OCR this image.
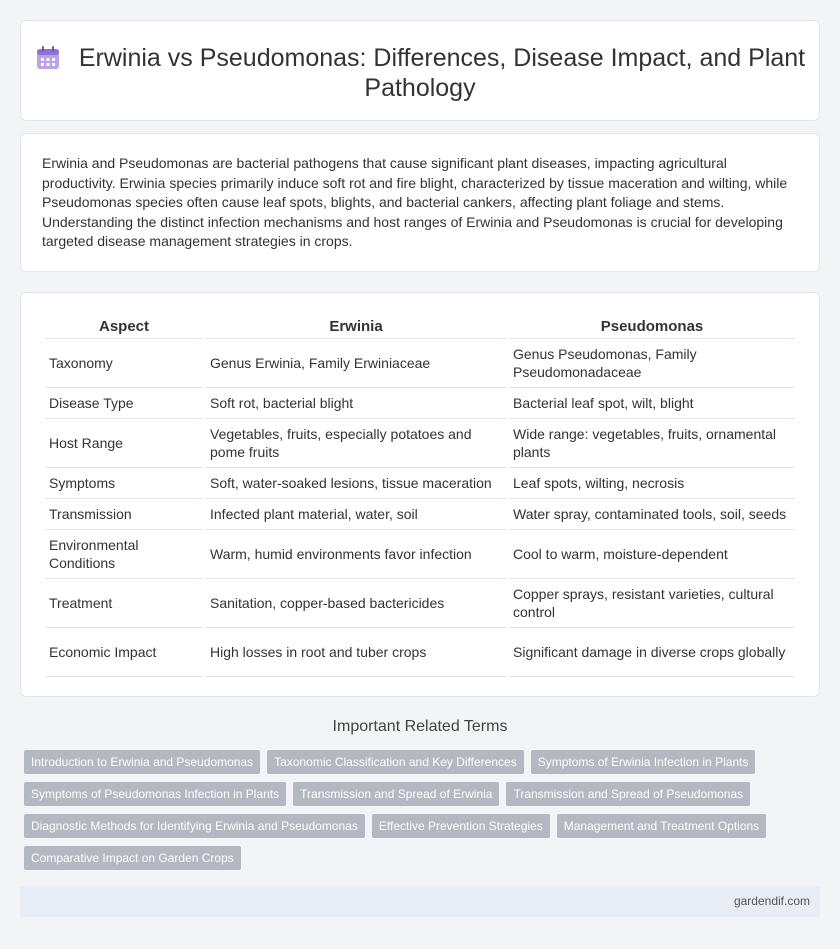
Erwinia vs Pseudomonas: Differences, Disease Impact, and Plant Pathology

Erwinia and Pseudomonas are bacterial pathogens that cause significant plant diseases, impacting agricultural productivity. Erwinia species primarily induce soft rot and fire blight, characterized by tissue maceration and wilting, while Pseudomonas species often cause leaf spots, blights, and bacterial cankers, affecting plant foliage and stems. Understanding the distinct infection mechanisms and host ranges of Erwinia and Pseudomonas is crucial for developing targeted disease management strategies in crops.

Aspect	Erwinia	Pseudomonas
Taxonomy	Genus Erwinia, Family Erwiniaceae	Genus Pseudomonas, Family Pseudomonadaceae
Disease Type	Soft rot, bacterial blight	Bacterial leaf spot, wilt, blight
Host Range	Vegetables, fruits, especially potatoes and pome fruits	Wide range: vegetables, fruits, ornamental plants
Symptoms	Soft, water-soaked lesions, tissue maceration	Leaf spots, wilting, necrosis
Transmission	Infected plant material, water, soil	Water spray, contaminated tools, soil, seeds
Environmental Conditions	Warm, humid environments favor infection	Cool to warm, moisture-dependent
Treatment	Sanitation, copper-based bactericides	Copper sprays, resistant varieties, cultural control
Economic Impact	High losses in root and tuber crops	Significant damage in diverse crops globally
Important Related Terms
Introduction to Erwinia and Pseudomonas	Taxonomic Classification and Key Differences	Symptoms of Erwinia Infection in Plants
Symptoms of Pseudomonas Infection in Plants	Transmission and Spread of Erwinia	Transmission and Spread of Pseudomonas
Diagnostic Methods for Identifying Erwinia and Pseudomonas	Effective Prevention Strategies	Management and Treatment Options
Comparative Impact on Garden Crops
gardendif.com
